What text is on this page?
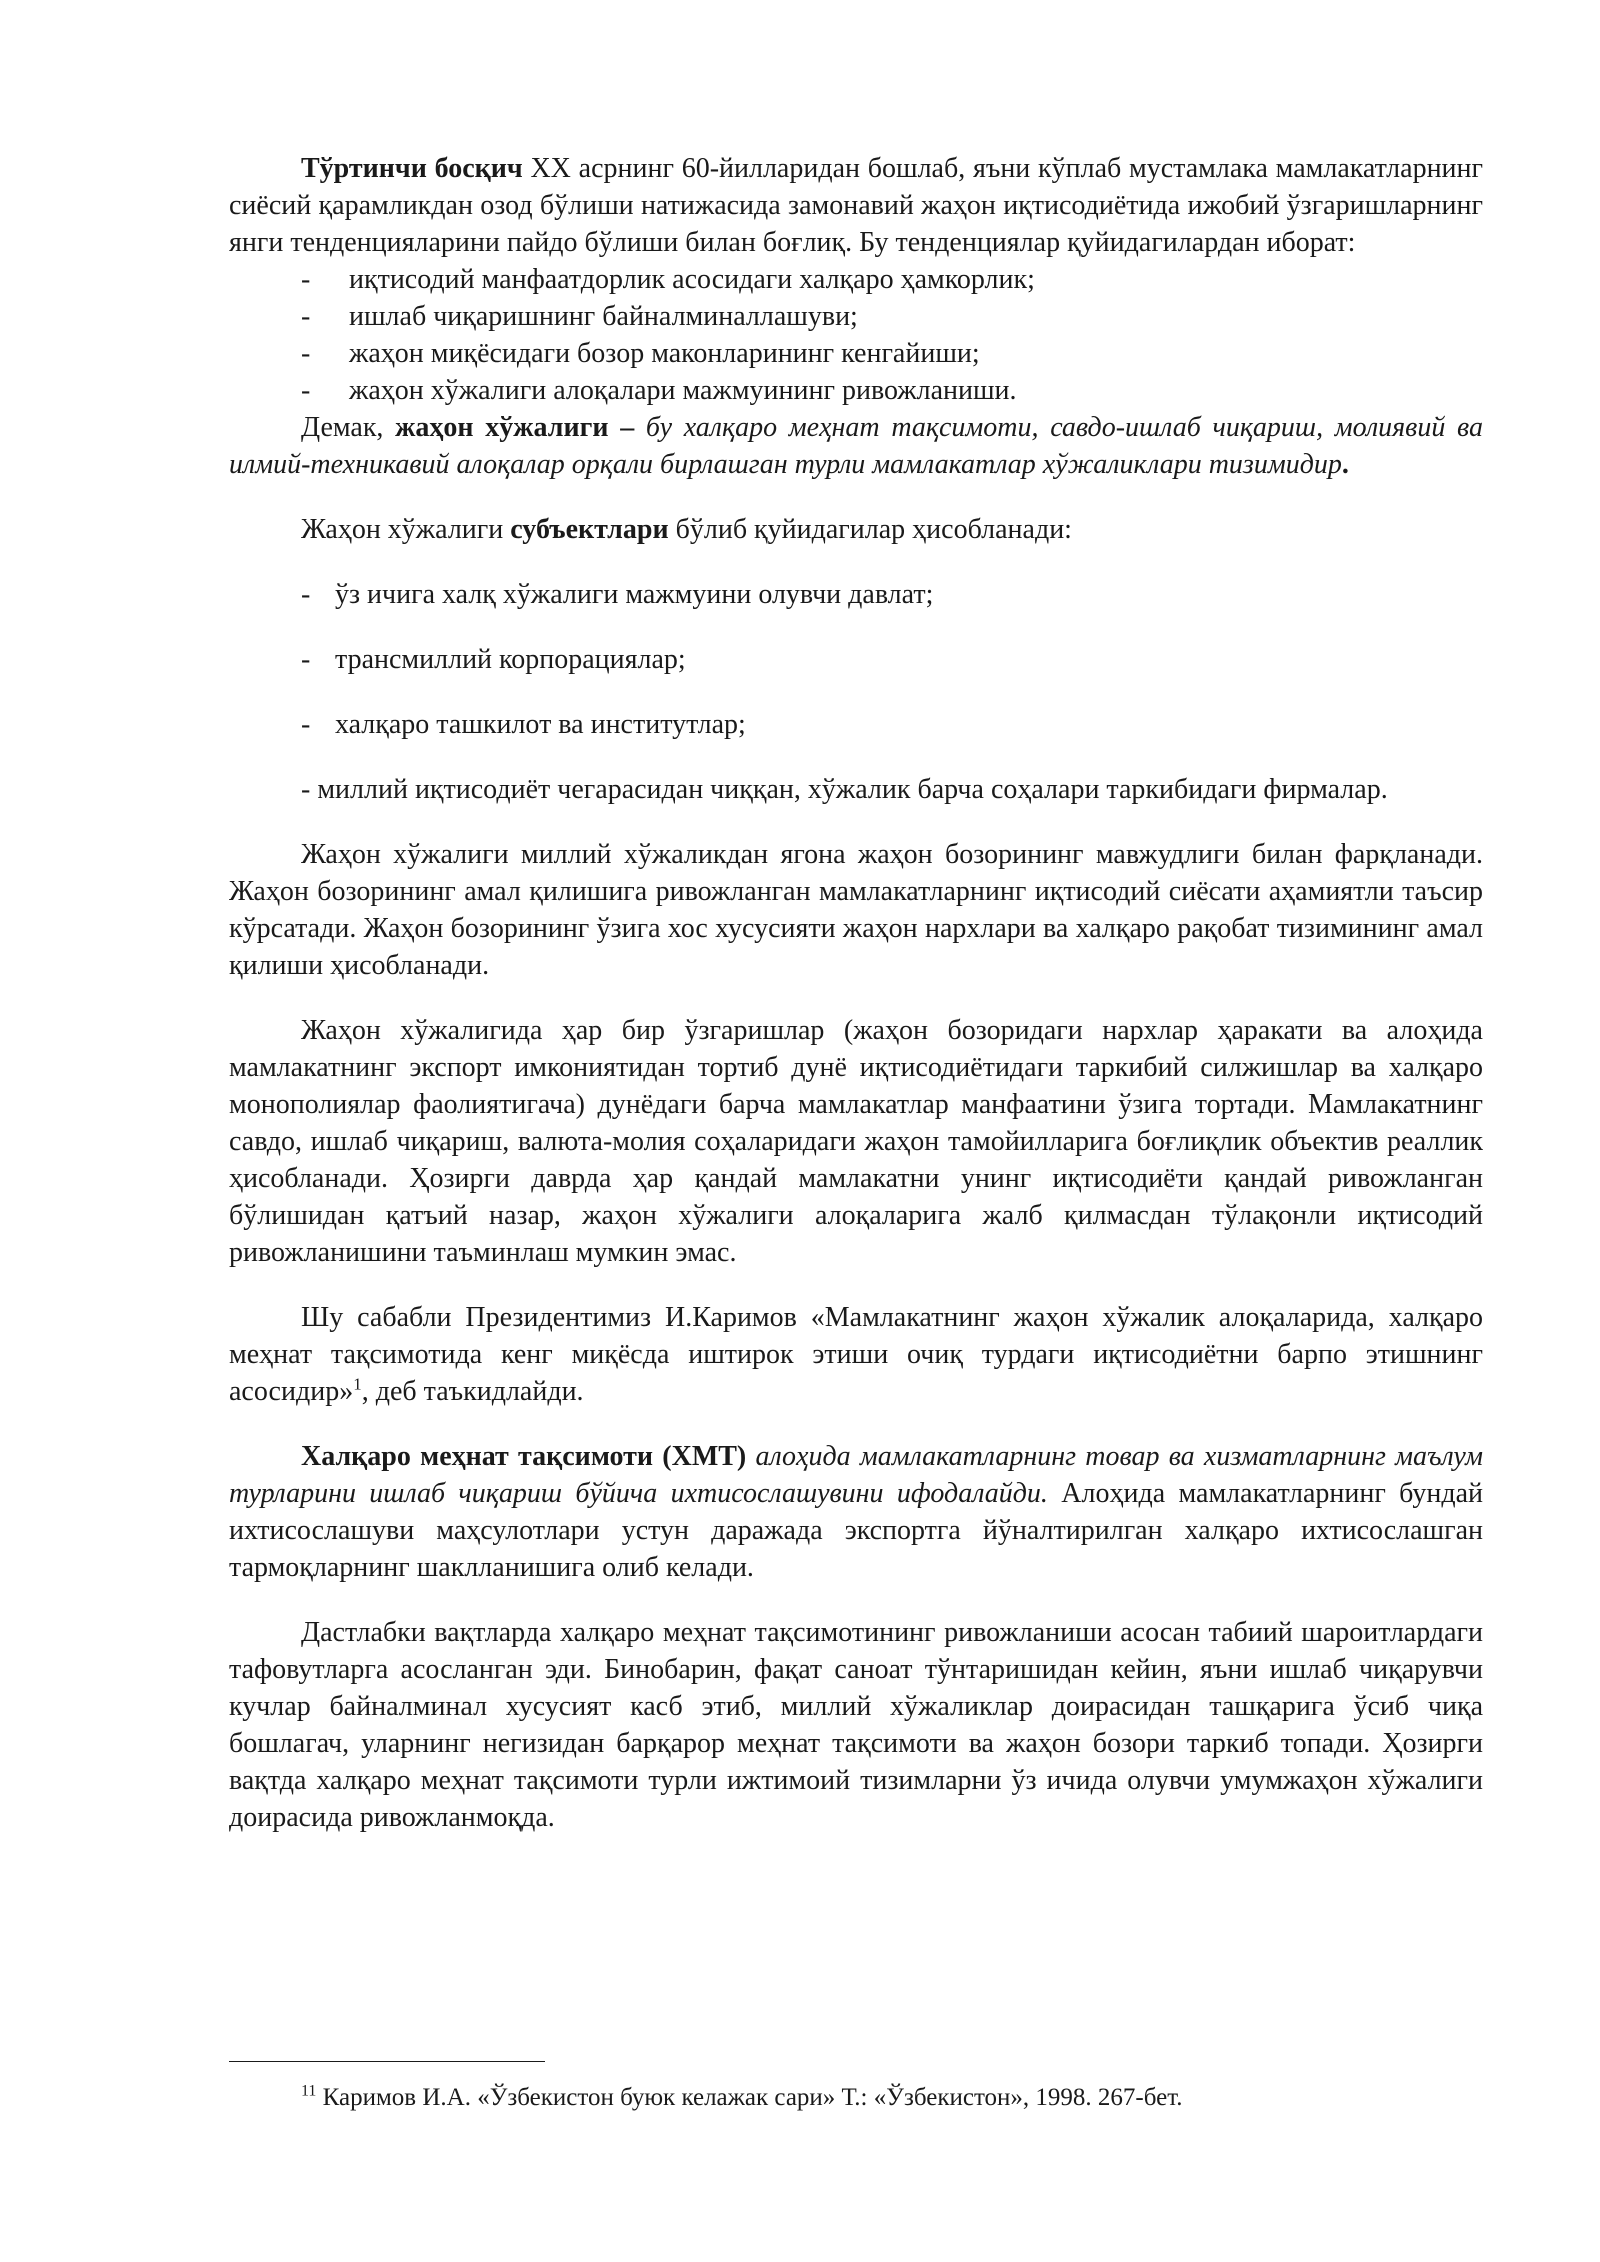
Тўртинчи босқич XX асрнинг 60-йилларидан бошлаб, яъни кўплаб мустамлака мамлакатларнинг сиёсий қарамликдан озод бўлиши натижасида замонавий жаҳон иқтисодиётида ижобий ўзгаришларнинг янги тенденцияларини пайдо бўлиши билан боғлиқ. Бу тенденциялар қуйидагилардан иборат:

-	иқтисодий манфаатдорлик асосидаги халқаро ҳамкорлик;
-	ишлаб чиқаришнинг байналминаллашуви;
-	жаҳон миқёсидаги бозор маконларининг кенгайиши;
-	жаҳон хўжалиги алоқалари мажмуининг ривожланиши.

Демак, жаҳон хўжалиги – бу халқаро меҳнат тақсимоти, савдо-ишлаб чиқариш, молиявий ва илмий-техникавий алоқалар орқали бирлашган турли мамлакатлар хўжаликлари тизимидир.

Жаҳон хўжалиги субъектлари бўлиб қуйидагилар ҳисобланади:

- ўз ичига халқ хўжалиги мажмуини олувчи давлат;
- трансмиллий корпорациялар;
- халқаро ташкилот ва институтлар;

- миллий иқтисодиёт чегарасидан чиққан, хўжалик барча соҳалари таркибидаги фирмалар.

Жаҳон хўжалиги миллий хўжаликдан ягона жаҳон бозорининг мавжудлиги билан фарқланади. Жаҳон бозорининг амал қилишига ривожланган мамлакатларнинг иқтисодий сиёсати аҳамиятли таъсир кўрсатади. Жаҳон бозорининг ўзига хос хусусияти жаҳон нархлари ва халқаро рақобат тизимининг амал қилиши ҳисобланади.

Жаҳон хўжалигида ҳар бир ўзгаришлар (жаҳон бозоридаги нархлар ҳаракати ва алоҳида мамлакатнинг экспорт имкониятидан тортиб дунё иқтисодиётидаги таркибий силжишлар ва халқаро монополиялар фаолиятигача) дунёдаги барча мамлакатлар манфаатини ўзига тортади. Мамлакатнинг савдо, ишлаб чиқариш, валюта-молия соҳаларидаги жаҳон тамойилларига боғлиқлик объектив реаллик ҳисобланади. Ҳозирги даврда ҳар қандай мамлакатни унинг иқтисодиёти қандай ривожланган бўлишидан қатъий назар, жаҳон хўжалиги алоқаларига жалб қилмасдан тўлақонли иқтисодий ривожланишини таъминлаш мумкин эмас.

Шу сабабли Президентимиз И.Каримов «Мамлакатнинг жаҳон хўжалик алоқаларида, халқаро меҳнат тақсимотида кенг миқёсда иштирок этиши очиқ турдаги иқтисодиётни барпо этишнинг асосидир»$^1$, деб таъкидлайди.

Халқаро меҳнат тақсимоти (ХМТ) алоҳида мамлакатларнинг товар ва хизматларнинг маълум турларини ишлаб чиқариш бўйича ихтисослашувини ифодалайди. Алоҳида мамлакатларнинг бундай ихтисослашуви маҳсулотлари устун даражада экспортга йўналтирилган халқаро ихтисослашган тармоқларнинг шаклланишига олиб келади.

Дастлабки вақтларда халқаро меҳнат тақсимотининг ривожланиши асосан табиий шароитлардаги тафовутларга асосланган эди. Бинобарин, фақат саноат тўнтаришидан кейин, яъни ишлаб чиқарувчи кучлар байналминал хусусият касб этиб, миллий хўжаликлар доирасидан ташқарига ўсиб чиқа бошлагач, уларнинг негизидан барқарор меҳнат тақсимоти ва жаҳон бозори таркиб топади. Ҳозирги вақтда халқаро меҳнат тақсимоти турли ижтимоий тизимларни ўз ичида олувчи умумжаҳон хўжалиги доирасида ривожланмоқда.

$^{11}$ Каримов И.А. «Ўзбекистон буюк келажак сари» Т.: «Ўзбекистон», 1998. 267-бет.
